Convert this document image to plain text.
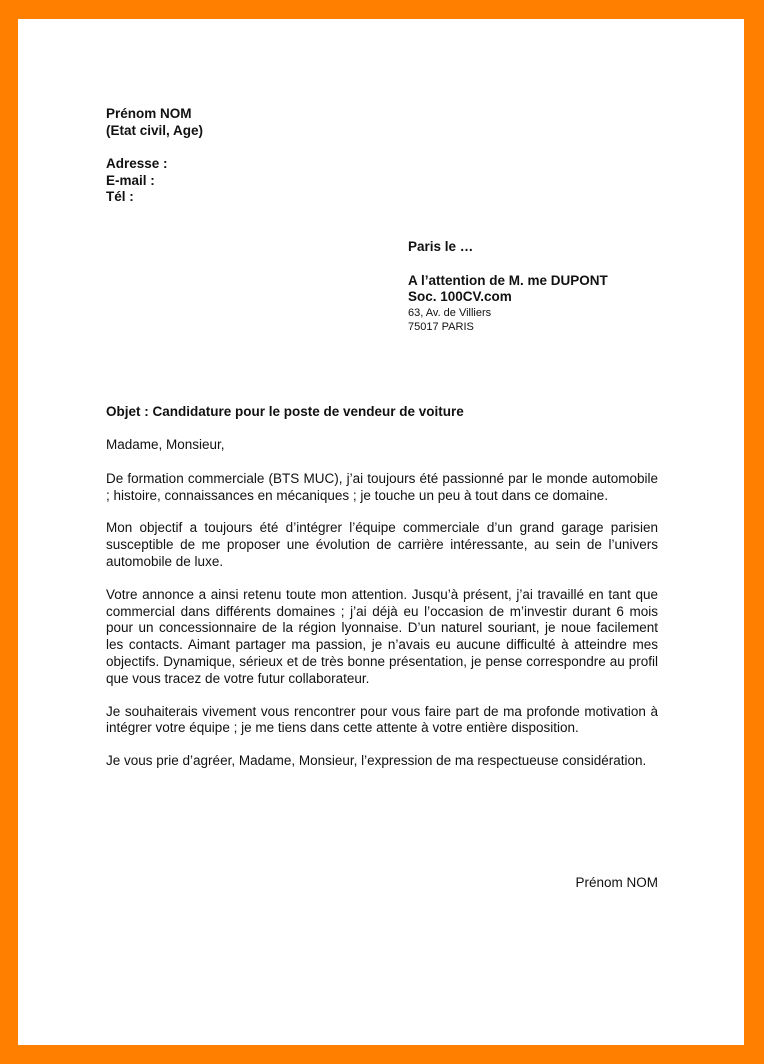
Prénom NOM
(Etat civil, Age)
Adresse :
E-mail :
Tél :
Paris le …
A l’attention de M. me DUPONT
Soc. 100CV.com
63, Av. de Villiers
75017 PARIS
Objet : Candidature pour le poste de vendeur de voiture

Madame, Monsieur,

De formation commerciale (BTS MUC), j’ai toujours été passionné par le monde automobile ; histoire, connaissances en mécaniques ; je touche un peu à tout dans ce domaine.

Mon objectif a toujours été d’intégrer l’équipe commerciale d’un grand garage parisien susceptible de me proposer une évolution de carrière intéressante, au sein de l’univers automobile de luxe.

Votre annonce a ainsi retenu toute mon attention. Jusqu’à présent, j’ai travaillé en tant que commercial dans différents domaines ; j’ai déjà eu l’occasion de m’investir durant 6 mois pour un concessionnaire de la région lyonnaise. D’un naturel souriant, je noue facilement les contacts. Aimant partager ma passion, je n’avais eu aucune difficulté à atteindre mes objectifs. Dynamique, sérieux et de très bonne présentation, je pense correspondre au profil que vous tracez de votre futur collaborateur.

Je souhaiterais vivement vous rencontrer pour vous faire part de ma profonde motivation à intégrer votre équipe ; je me tiens dans cette attente à votre entière disposition.

Je vous prie d’agréer, Madame, Monsieur, l’expression de ma respectueuse considération.

Prénom NOM
